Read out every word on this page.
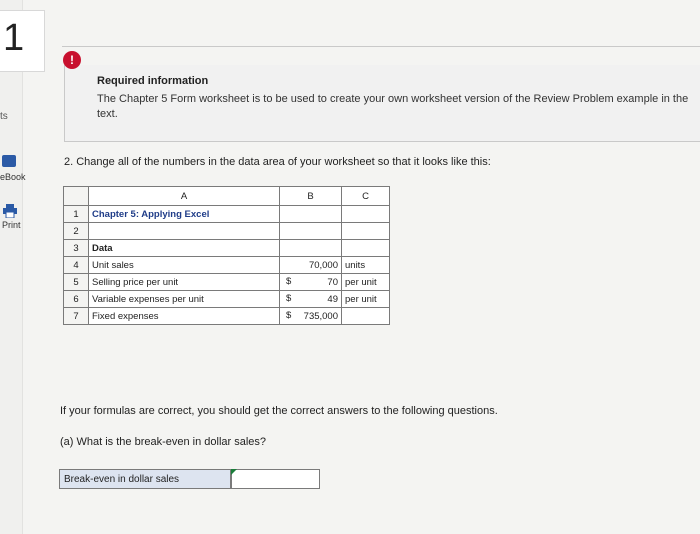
1
ts
eBook
Print
!
Required information
The Chapter 5 Form worksheet is to be used to create your own worksheet version of the Review Problem example in the text.
2. Change all of the numbers in the data area of your worksheet so that it looks like this:
	A	B	C
1	Chapter 5: Applying Excel		
2			
3	Data		
4	Unit sales	70,000	units
5	Selling price per unit	$ 70	per unit
6	Variable expenses per unit	$ 49	per unit
7	Fixed expenses	$ 735,000	

If your formulas are correct, you should get the correct answers to the following questions.
(a) What is the break-even in dollar sales?
Break-even in dollar sales
